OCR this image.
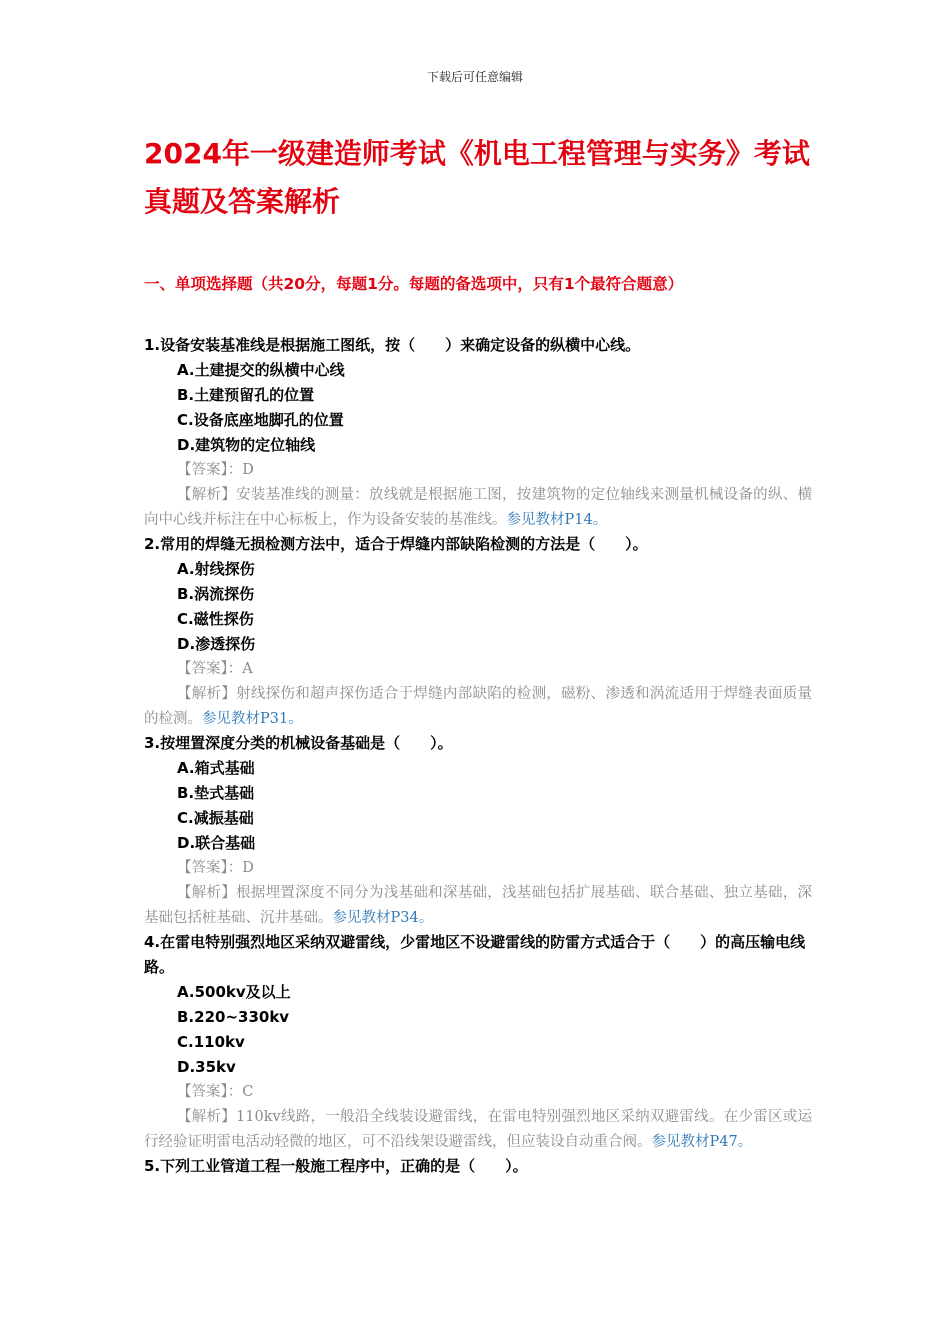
下载后可任意编辑
2024年一级建造师考试《机电工程管理与实务》考试真题及答案解析
一、单项选择题（共20分，每题1分。每题的备选项中，只有1个最符合题意）

1.设备安装基准线是根据施工图纸，按（　　）来确定设备的纵横中心线。

A.土建提交的纵横中心线

B.土建预留孔的位置

C.设备底座地脚孔的位置

D.建筑物的定位轴线

【答案】：D

【解析】安装基准线的测量：放线就是根据施工图，按建筑物的定位轴线来测量机械设备的纵、横向中心线并标注在中心标板上，作为设备安装的基准线。参见教材P14。

2.常用的焊缝无损检测方法中，适合于焊缝内部缺陷检测的方法是（　　）。

A.射线探伤

B.涡流探伤

C.磁性探伤

D.渗透探伤

【答案】：A

【解析】射线探伤和超声探伤适合于焊缝内部缺陷的检测，磁粉、渗透和涡流适用于焊缝表面质量的检测。参见教材P31。

3.按埋置深度分类的机械设备基础是（　　）。

A.箱式基础

B.垫式基础

C.减振基础

D.联合基础

【答案】：D

【解析】根据埋置深度不同分为浅基础和深基础，浅基础包括扩展基础、联合基础、独立基础，深基础包括桩基础、沉井基础。参见教材P34。

4.在雷电特别强烈地区采纳双避雷线，少雷地区不设避雷线的防雷方式适合于（　　）的高压输电线路。

A.500kv及以上

B.220~330kv

C.110kv

D.35kv

【答案】：C

【解析】110kv线路，一般沿全线装设避雷线，在雷电特别强烈地区采纳双避雷线。在少雷区或运行经验证明雷电活动轻微的地区，可不沿线架设避雷线，但应装设自动重合阀。参见教材P47。

5.下列工业管道工程一般施工程序中，正确的是（　　）。
